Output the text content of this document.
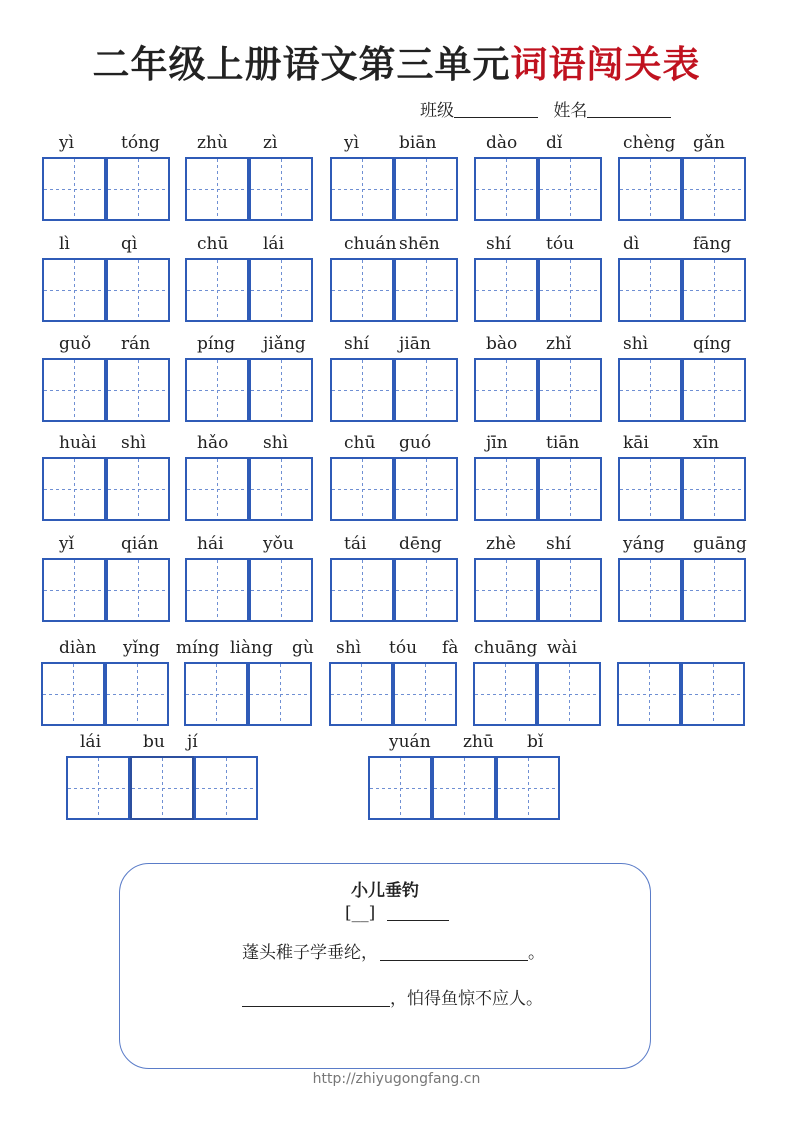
二年级上册语文第三单元词语闯关表
班级	姓名
yì	tóng zhù zì	yì biān	dào dǐ	chèng gǎn
lì	qì	chū lái	chuán shēn	shí tóu	dì	fāng
guǒ rán	píng jiǎng shí jiān	bào zhǐ	shì	qíng
huài shì	hǎo shì	chū guó	jīn tiān	kāi	xīn
yǐ	qián hái yǒu	tái dēng	zhè shí	yáng guāng
diàn yǐng míng liàng gù shì tóu fà chuāng wài
lái bu jí	yuán zhū bǐ
小儿垂钓
[__]
蓬头稚子学垂纶，	。
，怕得鱼惊不应人。
http://zhiyugongfang.cn
